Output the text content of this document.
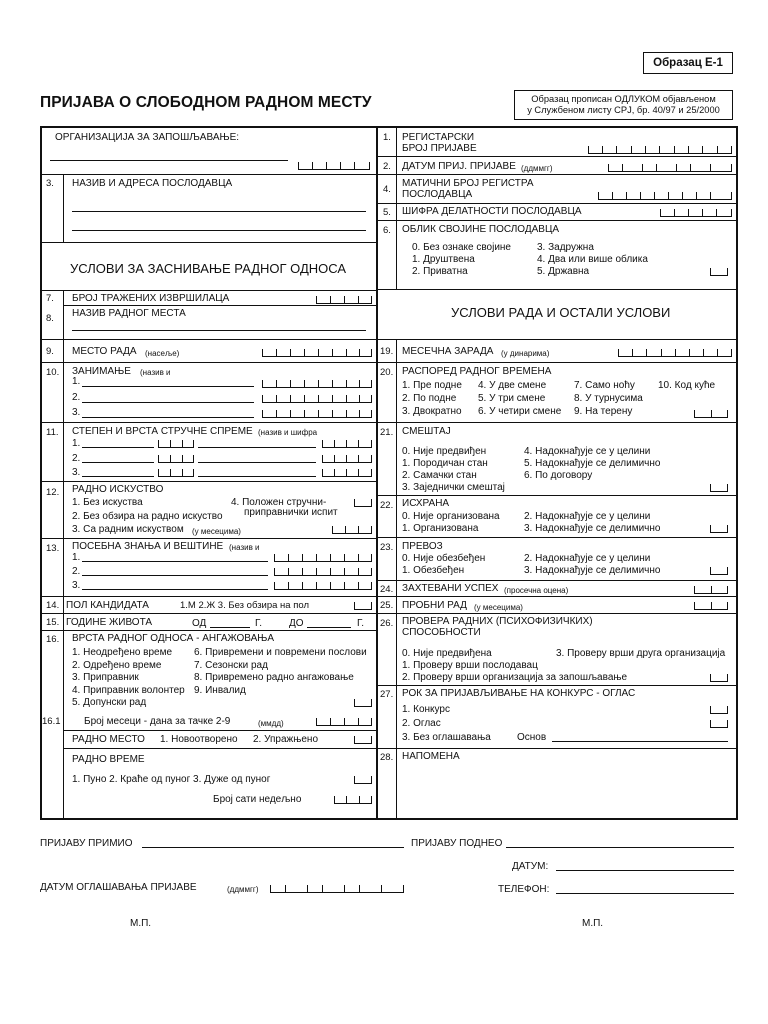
Образац Е-1
ПРИЈАВА О СЛОБОДНОМ РАДНОМ МЕСТУ	Образац прописан ОДЛУКОМ објављеном
у Службеном листу СРЈ, бр. 40/97 и 25/2000
ОРГАНИЗАЦИЈА ЗА ЗАПОШЉАВАЊЕ:
3. НАЗИВ И АДРЕСА ПОСЛОДАВЦА
УСЛОВИ ЗА ЗАСНИВАЊЕ РАДНОГ ОДНОСА
7. БРОЈ ТРАЖЕНИХ ИЗВРШИЛАЦА
8. НАЗИВ РАДНОГ МЕСТА
9. МЕСТО РАДА (насеље)
10. ЗАНИМАЊЕ (назив и
1.
2.
3.
11. СТЕПЕН И ВРСТА СТРУЧНЕ СПРЕМЕ (назив и шифра
1.
2.
3.
12. РАДНО ИСКУСТВО
1. Без искуства
2. Без обзира на радно искуство
3. Са радним искуством (у месецима)
4. Положен стручни-
приправнички испит
13. ПОСЕБНА ЗНАЊА И ВЕШТИНЕ (назив и
1.
2.
3.
14. ПОЛ КАНДИДАТА	1.М 2.Ж 3. Без обзира на пол
15. ГОДИНЕ ЖИВОТА	ОД	Г.	ДО	Г.
16. ВРСТА РАДНОГ ОДНОСА - АНГАЖОВАЊА
1. Неодређено време
2. Одређено време
3. Приправник
4. Приправник волонтер
5. Допунски рад
6. Привремени и повремени послови
7. Сезонски рад
8. Привремено радно ангажовање
9. Инвалид
16.1 Број месеци - дана за тачке 2-9	(ммдд)
РАДНО МЕСТО 1. Новоотворено 2. Упражњено
РАДНО ВРЕМЕ
1. Пуно 2. Краће од пуног 3. Дуже од пуног
Број сати недељно
1. РЕГИСТАРСКИ
БРОЈ ПРИЈАВЕ
2. ДАТУМ ПРИЈ. ПРИЈАВЕ (ддммгг)
4.
МАТИЧНИ БРОЈ РЕГИСТРА
ПОСЛОДАВЦА
5. ШИФРА ДЕЛАТНОСТИ ПОСЛОДАВЦА
6. ОБЛИК СВОЈИНЕ ПОСЛОДАВЦА
0. Без ознаке својине
1. Друштвена
2. Приватна
3. Задружна
4. Два или више облика
5. Државна
УСЛОВИ РАДА И ОСТАЛИ УСЛОВИ
19. МЕСЕЧНА ЗАРАДА (у динарима)
20. РАСПОРЕД РАДНОГ ВРЕМЕНА
1. Пре подне
2. По подне
3. Двократно
4. У две смене
5. У три смене
6. У четири смене
7. Само ноћу
8. У турнусима
9. На терену
10. Код куће
21. СМЕШТАЈ
0. Није предвиђен
1. Породичан стан
2. Самачки стан
3. Заједнички смештај
4. Надокнађује се у целини
5. Надокнађује се делимично
6. По договору
22. ИСХРАНА
0. Није организована
1. Организована
2. Надокнађује се у целини
3. Надокнађује се делимично
23. ПРЕВОЗ
0. Није обезбеђен
1. Обезбеђен
2. Надокнађује се у целини
3. Надокнађује се делимично
24. ЗАХТЕВАНИ УСПЕХ (просечна оцена)
25. ПРОБНИ РАД (у месецима)
26. ПРОВЕРА РАДНИХ (ПСИХОФИЗИЧКИХ)
СПОСОБНОСТИ
0. Није предвиђена
1. Проверу врши послодавац
2. Проверу врши организација за запошљавање
3. Проверу врши друга организација
27. РОК ЗА ПРИЈАВЉИВАЊЕ НА КОНКУРС - ОГЛАС
1. Конкурс
2. Оглас
3. Без оглашавања	Основ
28. НАПОМЕНА
ПРИЈАВУ ПРИМИО	ПРИЈАВУ ПОДНЕО
ДАТУМ:
ДАТУМ ОГЛАШАВАЊА ПРИЈАВЕ	(ддммгг)	ТЕЛЕФОН:
М.П.	М.П.
